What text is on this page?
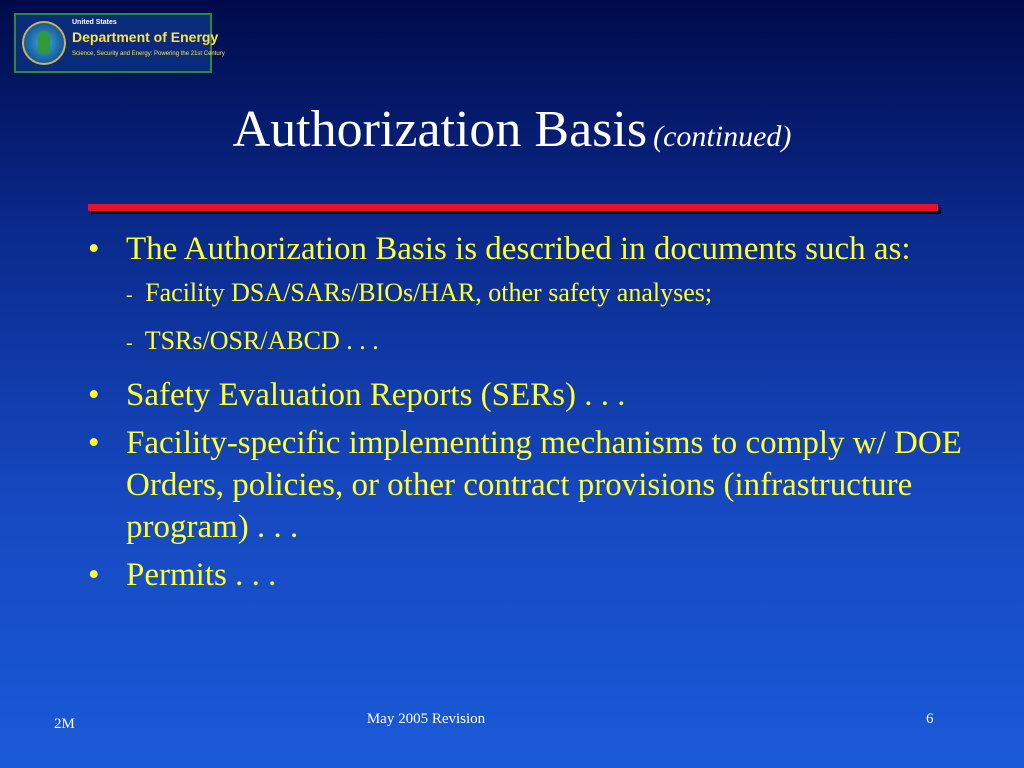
United States
Department of Energy
Science, Security and Energy: Powering the 21st Century
Authorization Basis (continued)
• The Authorization Basis is described in documents such as:
- Facility DSA/SARs/BIOs/HAR, other safety analyses;
- TSRs/OSR/ABCD . . .
• Safety Evaluation Reports (SERs) . . .
• Facility-specific implementing mechanisms to comply w/ DOE Orders, policies, or other contract provisions (infrastructure program) . . .
• Permits . . .
2M	May 2005 Revision	6
